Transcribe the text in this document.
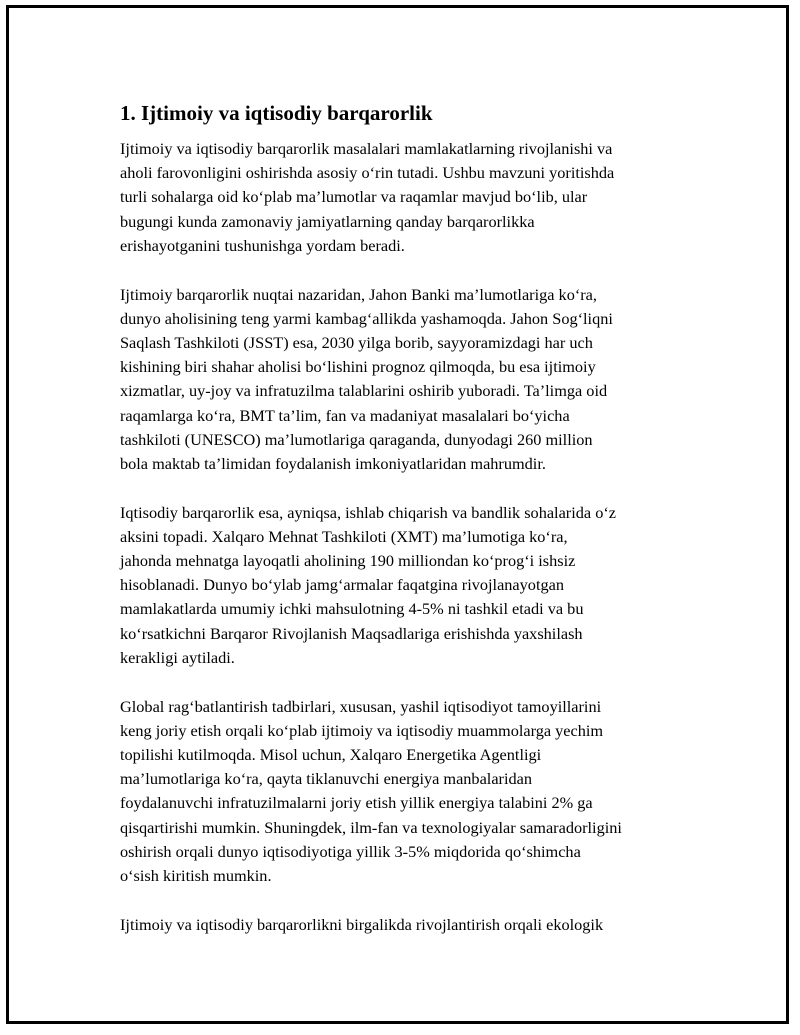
1. Ijtimoiy va iqtisodiy barqarorlik

Ijtimoiy va iqtisodiy barqarorlik masalalari mamlakatlarning rivojlanishi va
aholi farovonligini oshirishda asosiy o‘rin tutadi. Ushbu mavzuni yoritishda
turli sohalarga oid ko‘plab ma’lumotlar va raqamlar mavjud bo‘lib, ular
bugungi kunda zamonaviy jamiyatlarning qanday barqarorlikka
erishayotganini tushunishga yordam beradi.

Ijtimoiy barqarorlik nuqtai nazaridan, Jahon Banki ma’lumotlariga ko‘ra,
dunyo aholisining teng yarmi kambag‘allikda yashamoqda. Jahon Sog‘liqni
Saqlash Tashkiloti (JSST) esa, 2030 yilga borib, sayyoramizdagi har uch
kishining biri shahar aholisi bo‘lishini prognoz qilmoqda, bu esa ijtimoiy
xizmatlar, uy-joy va infratuzilma talablarini oshirib yuboradi. Ta’limga oid
raqamlarga ko‘ra, BMT ta’lim, fan va madaniyat masalalari bo‘yicha
tashkiloti (UNESCO) ma’lumotlariga qaraganda, dunyodagi 260 million
bola maktab ta’limidan foydalanish imkoniyatlaridan mahrumdir.

Iqtisodiy barqarorlik esa, ayniqsa, ishlab chiqarish va bandlik sohalarida o‘z
aksini topadi. Xalqaro Mehnat Tashkiloti (XMT) ma’lumotiga ko‘ra,
jahonda mehnatga layoqatli aholining 190 milliondan ko‘prog‘i ishsiz
hisoblanadi. Dunyo bo‘ylab jamg‘armalar faqatgina rivojlanayotgan
mamlakatlarda umumiy ichki mahsulotning 4-5% ni tashkil etadi va bu
ko‘rsatkichni Barqaror Rivojlanish Maqsadlariga erishishda yaxshilash
kerakligi aytiladi.

Global rag‘batlantirish tadbirlari, xususan, yashil iqtisodiyot tamoyillarini
keng joriy etish orqali ko‘plab ijtimoiy va iqtisodiy muammolarga yechim
topilishi kutilmoqda. Misol uchun, Xalqaro Energetika Agentligi
ma’lumotlariga ko‘ra, qayta tiklanuvchi energiya manbalaridan
foydalanuvchi infratuzilmalarni joriy etish yillik energiya talabini 2% ga
qisqartirishi mumkin. Shuningdek, ilm-fan va texnologiyalar samaradorligini
oshirish orqali dunyo iqtisodiyotiga yillik 3-5% miqdorida qo‘shimcha
o‘sish kiritish mumkin.

Ijtimoiy va iqtisodiy barqarorlikni birgalikda rivojlantirish orqali ekologik
